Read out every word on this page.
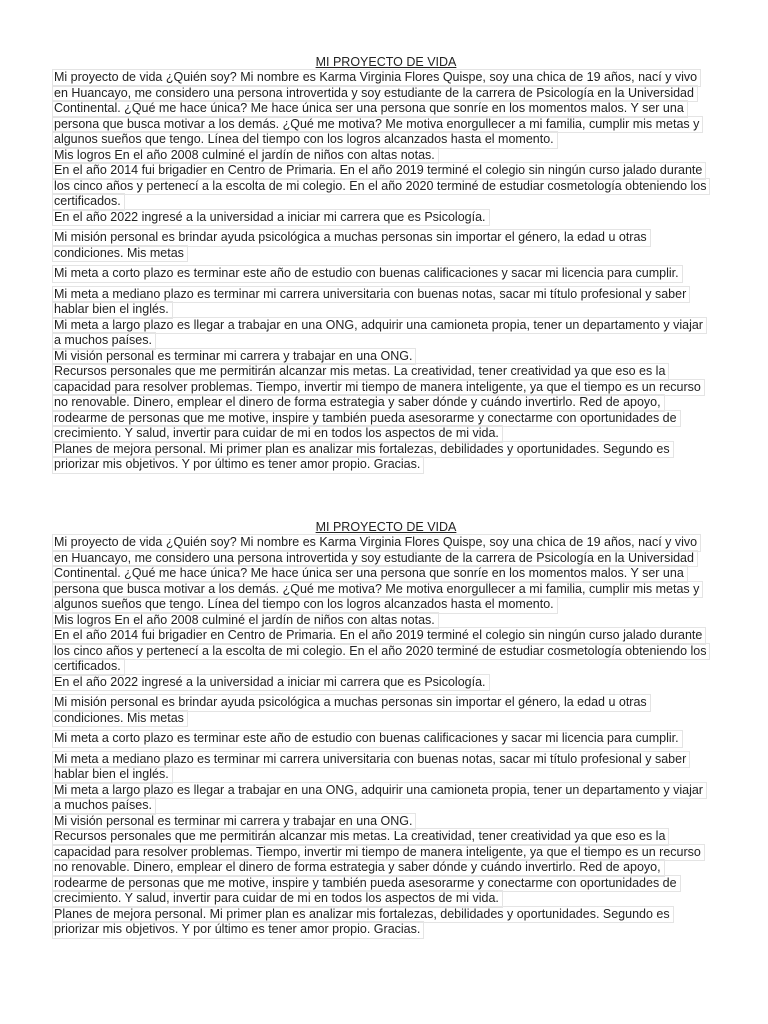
MI PROYECTO DE VIDA
Mi proyecto de vida ¿Quién soy? Mi nombre es Karma Virginia Flores Quispe, soy una chica de 19 años, nací y vivo
en Huancayo, me considero una persona introvertida y soy estudiante de la carrera de Psicología en la Universidad
Continental. ¿Qué me hace única? Me hace única ser una persona que sonríe en los momentos malos. Y ser una
persona que busca motivar a los demás. ¿Qué me motiva? Me motiva enorgullecer a mi familia, cumplir mis metas y
algunos sueños que tengo. Línea del tiempo con los logros alcanzados hasta el momento.
Mis logros En el año 2008 culminé el jardín de niños con altas notas.
En el año 2014 fui brigadier en Centro de Primaria. En el año 2019 terminé el colegio sin ningún curso jalado durante
los cinco años y pertenecí a la escolta de mi colegio. En el año 2020 terminé de estudiar cosmetología obteniendo los
certificados.
En el año 2022 ingresé a la universidad a iniciar mi carrera que es Psicología.
Mi misión personal es brindar ayuda psicológica a muchas personas sin importar el género, la edad u otras
condiciones. Mis metas
Mi meta a corto plazo es terminar este año de estudio con buenas calificaciones y sacar mi licencia para cumplir.
Mi meta a mediano plazo es terminar mi carrera universitaria con buenas notas, sacar mi título profesional y saber
hablar bien el inglés.
Mi meta a largo plazo es llegar a trabajar en una ONG, adquirir una camioneta propia, tener un departamento y viajar
a muchos países.
Mi visión personal es terminar mi carrera y trabajar en una ONG.
Recursos personales que me permitirán alcanzar mis metas. La creatividad, tener creatividad ya que eso es la
capacidad para resolver problemas. Tiempo, invertir mi tiempo de manera inteligente, ya que el tiempo es un recurso
no renovable. Dinero, emplear el dinero de forma estrategia y saber dónde y cuándo invertirlo. Red de apoyo,
rodearme de personas que me motive, inspire y también pueda asesorarme y conectarme con oportunidades de
crecimiento. Y salud, invertir para cuidar de mi en todos los aspectos de mi vida.
Planes de mejora personal. Mi primer plan es analizar mis fortalezas, debilidades y oportunidades. Segundo es
priorizar mis objetivos. Y por último es tener amor propio. Gracias.
MI PROYECTO DE VIDA
Mi proyecto de vida ¿Quién soy? Mi nombre es Karma Virginia Flores Quispe, soy una chica de 19 años, nací y vivo
en Huancayo, me considero una persona introvertida y soy estudiante de la carrera de Psicología en la Universidad
Continental. ¿Qué me hace única? Me hace única ser una persona que sonríe en los momentos malos. Y ser una
persona que busca motivar a los demás. ¿Qué me motiva? Me motiva enorgullecer a mi familia, cumplir mis metas y
algunos sueños que tengo. Línea del tiempo con los logros alcanzados hasta el momento.
Mis logros En el año 2008 culminé el jardín de niños con altas notas.
En el año 2014 fui brigadier en Centro de Primaria. En el año 2019 terminé el colegio sin ningún curso jalado durante
los cinco años y pertenecí a la escolta de mi colegio. En el año 2020 terminé de estudiar cosmetología obteniendo los
certificados.
En el año 2022 ingresé a la universidad a iniciar mi carrera que es Psicología.
Mi misión personal es brindar ayuda psicológica a muchas personas sin importar el género, la edad u otras
condiciones. Mis metas
Mi meta a corto plazo es terminar este año de estudio con buenas calificaciones y sacar mi licencia para cumplir.
Mi meta a mediano plazo es terminar mi carrera universitaria con buenas notas, sacar mi título profesional y saber
hablar bien el inglés.
Mi meta a largo plazo es llegar a trabajar en una ONG, adquirir una camioneta propia, tener un departamento y viajar
a muchos países.
Mi visión personal es terminar mi carrera y trabajar en una ONG.
Recursos personales que me permitirán alcanzar mis metas. La creatividad, tener creatividad ya que eso es la
capacidad para resolver problemas. Tiempo, invertir mi tiempo de manera inteligente, ya que el tiempo es un recurso
no renovable. Dinero, emplear el dinero de forma estrategia y saber dónde y cuándo invertirlo. Red de apoyo,
rodearme de personas que me motive, inspire y también pueda asesorarme y conectarme con oportunidades de
crecimiento. Y salud, invertir para cuidar de mi en todos los aspectos de mi vida.
Planes de mejora personal. Mi primer plan es analizar mis fortalezas, debilidades y oportunidades. Segundo es
priorizar mis objetivos. Y por último es tener amor propio. Gracias.
